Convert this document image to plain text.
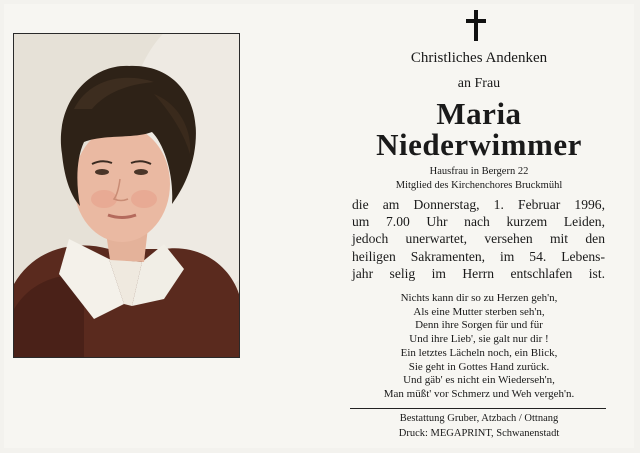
Christliches Andenken
an Frau
Maria
Niederwimmer
Hausfrau in Bergern 22
Mitglied des Kirchenchores Bruckmühl
die am Donnerstag, 1. Februar 1996,
um 7.00 Uhr nach kurzem Leiden,
jedoch unerwartet, versehen mit den
heiligen Sakramenten, im 54. Lebens-
jahr selig im Herrn entschlafen ist.
Nichts kann dir so zu Herzen geh'n,
Als eine Mutter sterben seh'n,
Denn ihre Sorgen für und für
Und ihre Lieb', sie galt nur dir !
Ein letztes Lächeln noch, ein Blick,
Sie geht in Gottes Hand zurück.
Und gäb' es nicht ein Wiederseh'n,
Man müßt' vor Schmerz und Weh vergeh'n.
Bestattung Gruber, Atzbach / Ottnang
Druck: MEGAPRINT, Schwanenstadt
